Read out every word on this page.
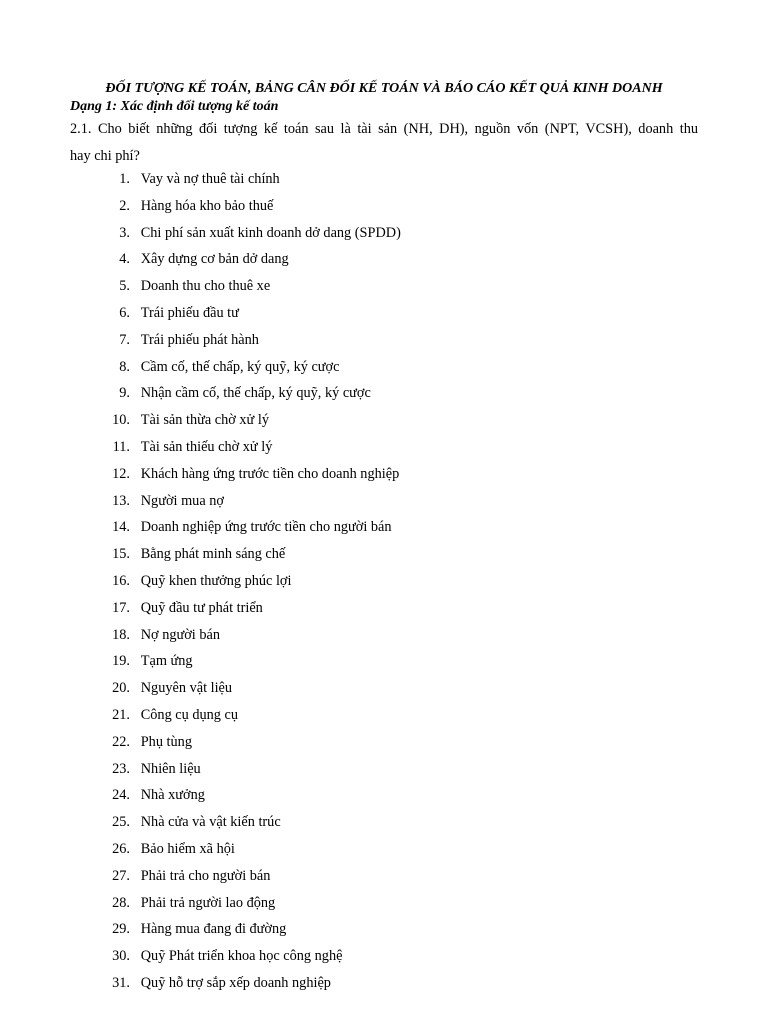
ĐỐI TƯỢNG KẾ TOÁN, BẢNG CÂN ĐỐI KẾ TOÁN VÀ BÁO CÁO KẾT QUẢ KINH DOANH
Dạng 1: Xác định đối tượng kế toán
2.1. Cho biết những đối tượng kế toán sau là tài sản (NH, DH), nguồn vốn (NPT, VCSH), doanh thu
hay chi phí?
1.
Vay và nợ thuê tài chính
2.
Hàng hóa kho bảo thuế
3.
Chi phí sản xuất kinh doanh dở dang (SPDD)
4.
Xây dựng cơ bản dở dang
5.
Doanh thu cho thuê xe
6.
Trái phiếu đầu tư
7.
Trái phiếu phát hành
8.
Cầm cố, thế chấp, ký quỹ, ký cược
9.
Nhận cầm cố, thế chấp, ký quỹ, ký cược
10.
Tài sản thừa chờ xử lý
11.
Tài sản thiếu chờ xử lý
12.
Khách hàng ứng trước tiền cho doanh nghiệp
13.
Người mua nợ
14.
Doanh nghiệp ứng trước tiền cho người bán
15.
Bằng phát minh sáng chế
16.
Quỹ khen thưởng phúc lợi
17.
Quỹ đầu tư phát triển
18.
Nợ người bán
19.
Tạm ứng
20.
Nguyên vật liệu
21.
Công cụ dụng cụ
22.
Phụ tùng
23.
Nhiên liệu
24.
Nhà xưởng
25.
Nhà cửa và vật kiến trúc
26.
Bảo hiểm xã hội
27.
Phải trả cho người bán
28.
Phải trả người lao động
29.
Hàng mua đang đi đường
30.
Quỹ Phát triển khoa học công nghệ
31.
Quỹ hỗ trợ sắp xếp doanh nghiệp
